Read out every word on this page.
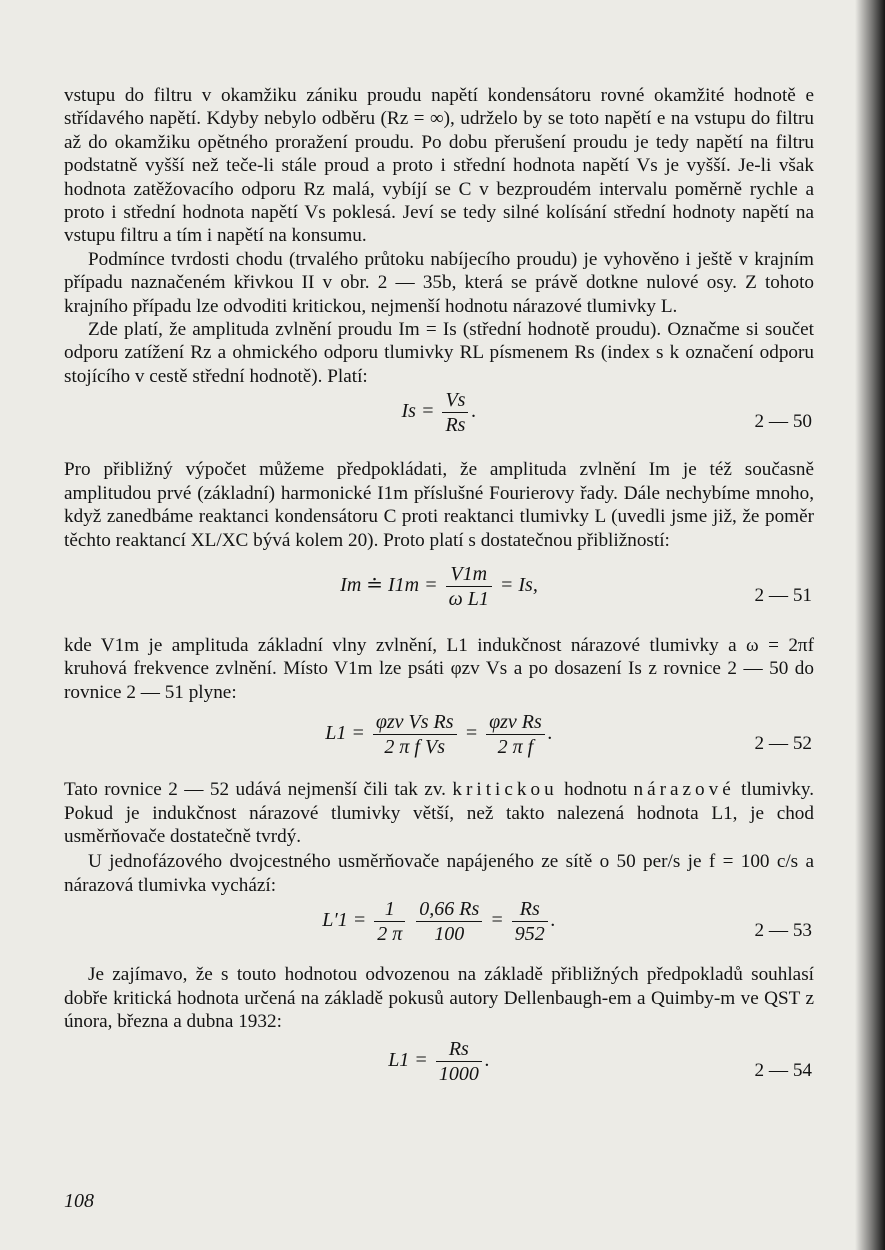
vstupu do filtru v okamžiku zániku proudu napětí kondensátoru rovné okamžité hodnotě e střídavého napětí. Kdyby nebylo odběru (Rz = ∞), udrželo by se toto napětí e na vstupu do filtru až do okamžiku opětného proražení proudu. Po dobu přerušení proudu je tedy napětí na filtru podstatně vyšší než teče-li stále proud a proto i střední hodnota napětí Vs je vyšší. Je-li však hodnota zatěžovacího odporu Rz malá, vybíjí se C v bezproudém intervalu poměrně rychle a proto i střední hodnota napětí Vs poklesá. Jeví se tedy silné kolísání střední hodnoty napětí na vstupu filtru a tím i napětí na konsumu.

Podmínce tvrdosti chodu (trvalého průtoku nabíjecího proudu) je vyhověno i ještě v krajním případu naznačeném křivkou II v obr. 2 — 35b, která se právě dotkne nulové osy. Z tohoto krajního případu lze odvoditi kritickou, nejmenší hodnotu nárazové tlumivky L.

Zde platí, že amplituda zvlnění proudu Im = Is (střední hodnotě proudu). Označme si součet odporu zatížení Rz a ohmického odporu tlumivky RL písmenem Rs (index s k označení odporu stojícího v cestě střední hodnotě). Platí:

$Is = \frac{Vs}{Rs}$ .	2 — 50

Pro přibližný výpočet můžeme předpokládati, že amplituda zvlnění Im je též současně amplitudou prvé (základní) harmonické I1m příslušné Fourierovy řady. Dále nechybíme mnoho, když zanedbáme reaktanci kondensátoru C proti reaktanci tlumivky L (uvedli jsme již, že poměr těchto reaktancí XL/XC bývá kolem 20). Proto platí s dostatečnou přibližností:

Im ≐ $I1m = \frac{V1m}{\text{ω L1}} = Is$,	2 — 51

kde V1m je amplituda základní vlny zvlnění, L1 indukčnost nárazové tlumivky a ω = 2πf kruhová frekvence zvlnění. Místo V1m lze psáti φzv Vs a po dosazení Is z rovnice 2 — 50 do rovnice 2 — 51 plyne:

$L1 = \frac{\text{φzv Vs Rs}}{\text{2 π f Vs}} = \frac{\text{φzv Rs}}{\text{2 π f}}$ .	2 — 52

Tato rovnice 2 — 52 udává nejmenší čili tak zv. kritickou hodnotu nárazové tlumivky. Pokud je indukčnost nárazové tlumivky větší, než takto nalezená hodnota L1, je chod usměrňovače dostatečně tvrdý.

U jednofázového dvojcestného usměrňovače napájeného ze sítě o 50 per/s je f = 100 c/s a nárazová tlumivka vychází:

$L'1 = \frac{1}{2 \pi}$
$\frac{0,66 Rs}{100} = \frac{Rs}{952}$ .	2 — 53

Je zajímavo, že s touto hodnotou odvozenou na základě přibližných předpokladů souhlasí dobře kritická hodnota určená na základě pokusů autory Dellenbaugh-em a Quimby-m ve QST z února, března a dubna 1932:

$L1 = \frac{Rs}{1000}$ .	2 — 54
108
